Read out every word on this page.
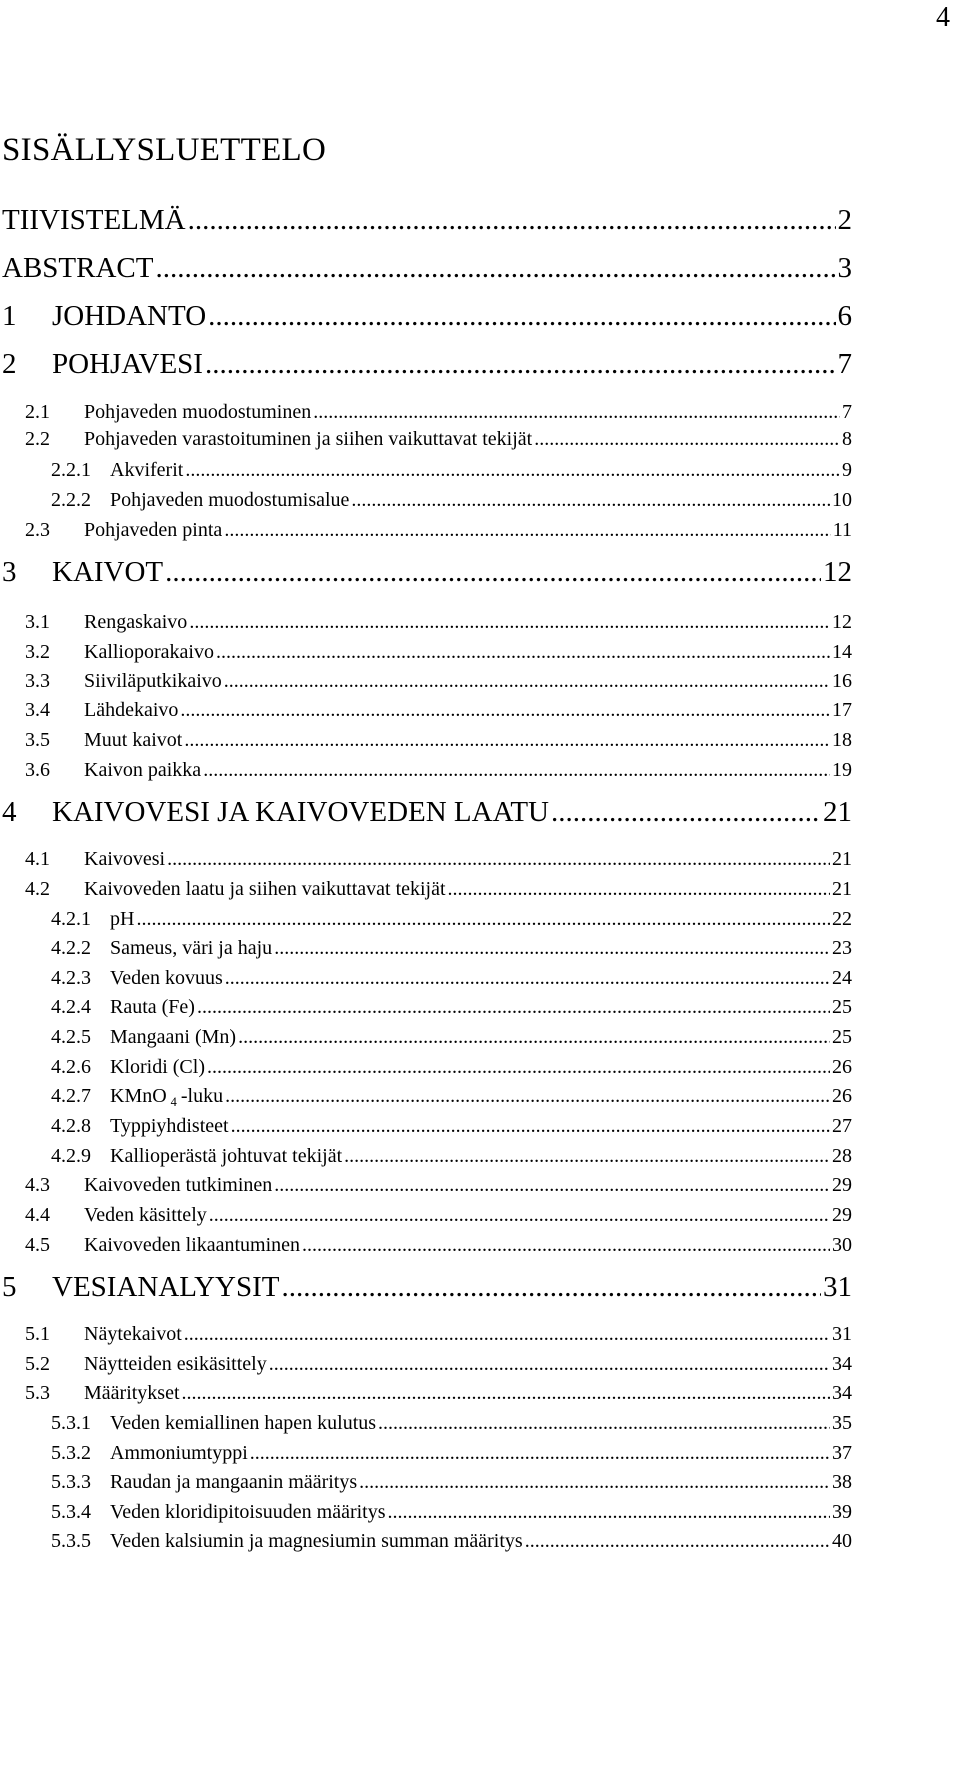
4
SISÄLLYSLUETTELO
TIIVISTELMÄ .....	2
ABSTRACT .....	3
1	JOHDANTO .....	6
2	POHJAVESI .....	7
2.1	Pohjaveden muodostuminen .....	7
2.2	Pohjaveden varastoituminen ja siihen vaikuttavat tekijät .....	8
2.2.1 Akviferit .....	9
2.2.2 Pohjaveden muodostumisalue .....	10
2.3	Pohjaveden pinta .....	11
3	KAIVOT .....	12
3.1	Rengaskaivo .....	12
3.2	Kallioporakaivo .....	14
3.3	Siiviläputkikaivo .....	16
3.4	Lähdekaivo .....	17
3.5	Muut kaivot .....	18
3.6	Kaivon paikka .....	19
4	KAIVOVESI JA KAIVOVEDEN LAATU .....	21
4.1	Kaivovesi .....	21
4.2	Kaivoveden laatu ja siihen vaikuttavat tekijät .....	21
4.2.1 pH .....	22
4.2.2 Sameus, väri ja haju .....	23
4.2.3 Veden kovuus .....	24
4.2.4 Rauta (Fe) .....	25
4.2.5 Mangaani (Mn) .....	25
4.2.6 Kloridi (Cl) .....	26
4.2.7 KMnO 4 -luku .....	26
4.2.8 Typpiyhdisteet .....	27
4.2.9 Kallioperästä johtuvat tekijät .....	28
4.3	Kaivoveden tutkiminen .....	29
4.4	Veden käsittely .....	29
4.5	Kaivoveden likaantuminen .....	30
5	VESIANALYYSIT .....	31
5.1	Näytekaivot .....	31
5.2	Näytteiden esikäsittely .....	34
5.3	Määritykset .....	34
5.3.1 Veden kemiallinen hapen kulutus .....	35
5.3.2 Ammoniumtyppi .....	37
5.3.3 Raudan ja mangaanin määritys .....	38
5.3.4 Veden kloridipitoisuuden määritys .....	39
5.3.5 Veden kalsiumin ja magnesiumin summan määritys .....	40
